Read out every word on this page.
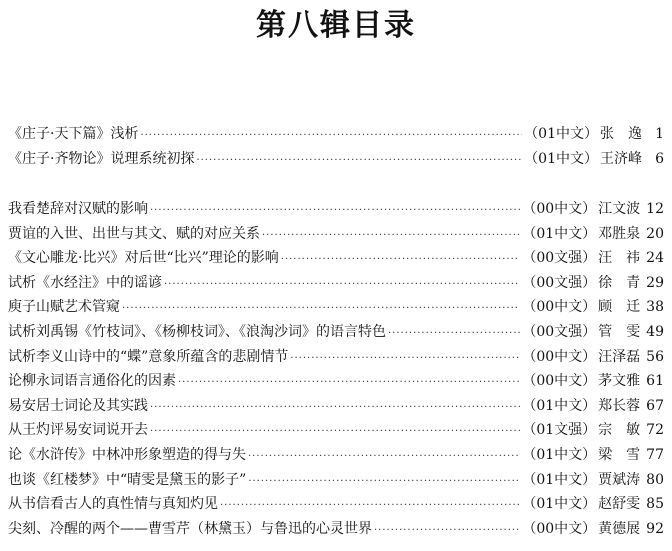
第八辑目录
《庄子·天下篇》浅析 ·····	（01中文） 张逸 1
《庄子·齐物论》说理系统初探 ·····	（01中文） 王济峰 6
我看楚辞对汉赋的影响 ·····	（00中文） 江文波 12
贾谊的入世、出世与其文、赋的对应关系 ·····	（01中文） 邓胜泉 20
《文心雕龙·比兴》对后世“比兴”理论的影响 ·····	（00文强） 汪祎 24
试析《水经注》中的谣谚 ·····	（00文强） 徐青 29
庾子山赋艺术管窥 ·····	（00中文） 顾迁 38
试析刘禹锡《竹枝词》、《杨柳枝词》、《浪淘沙词》的语言特色 ·····	（00文强） 管雯 49
试析李义山诗中的“蝶”意象所蕴含的悲剧情节 ·····	（00中文） 汪泽磊 56
论柳永词语言通俗化的因素 ·····	（00中文） 茅文雅 61
易安居士词论及其实践 ·····	（01中文） 郑长蓉 67
从王灼评易安词说开去 ·····	（01文强） 宗敏 72
论《水浒传》中林冲形象塑造的得与失 ·····	（01中文） 梁雪 77
也谈《红楼梦》中“晴雯是黛玉的影子” ·····	（01中文） 贾斌涛 80
从书信看古人的真性情与真知灼见 ·····	（01中文） 赵舒雯 85
尖刻、冷醒的两个——曹雪芹（林黛玉）与鲁迅的心灵世界 ·····	（00中文） 黄德展 92
